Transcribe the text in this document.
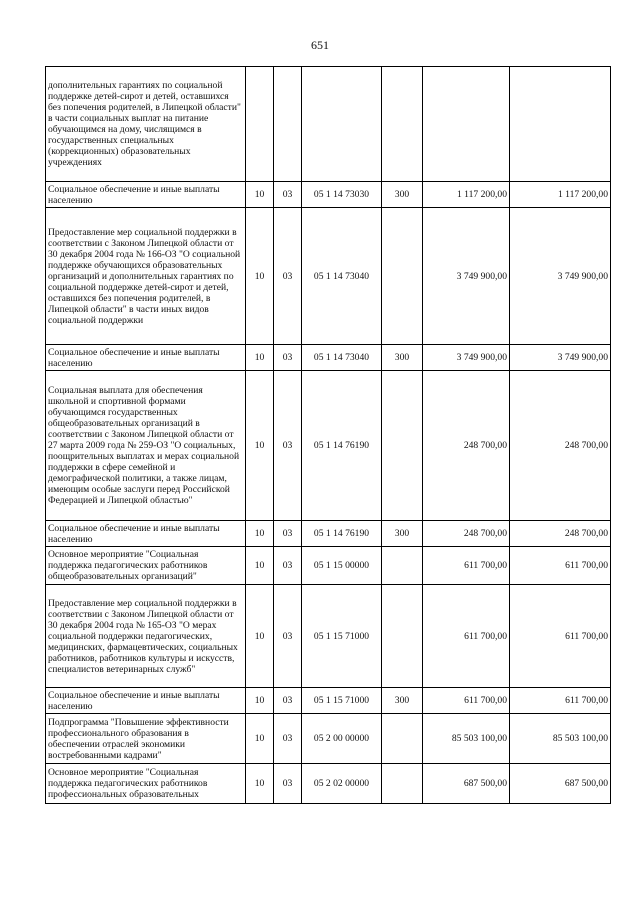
651
дополнительных гарантиях по социальной поддержке детей-сирот и детей, оставшихся без попечения родителей, в Липецкой области" в части социальных выплат на питание обучающимся на дому, числящимся в государственных специальных (коррекционных) образовательных учреждениях						
Социальное обеспечение и иные выплаты населению	10	03	05 1 14 73030	300	1 117 200,00	1 117 200,00
Предоставление мер социальной поддержки в соответствии с Законом Липецкой области от 30 декабря 2004 года № 166-ОЗ "О социальной поддержке обучающихся образовательных организаций и дополнительных гарантиях по социальной поддержке детей-сирот и детей, оставшихся без попечения родителей, в Липецкой области" в части иных видов социальной поддержки	10	03	05 1 14 73040		3 749 900,00	3 749 900,00
Социальное обеспечение и иные выплаты населению	10	03	05 1 14 73040	300	3 749 900,00	3 749 900,00
Социальная выплата для обеспечения школьной и спортивной формами обучающимся государственных общеобразовательных организаций в соответствии с Законом Липецкой области от 27 марта 2009 года № 259-ОЗ "О социальных, поощрительных выплатах и мерах социальной поддержки в сфере семейной и демографической политики, а также лицам, имеющим особые заслуги перед Российской Федерацией и Липецкой областью"	10	03	05 1 14 76190		248 700,00	248 700,00
Социальное обеспечение и иные выплаты населению	10	03	05 1 14 76190	300	248 700,00	248 700,00
Основное мероприятие "Социальная поддержка педагогических работников общеобразовательных организаций"	10	03	05 1 15 00000		611 700,00	611 700,00
Предоставление мер социальной поддержки в соответствии с Законом Липецкой области от 30 декабря 2004 года № 165-ОЗ "О мерах социальной поддержки педагогических, медицинских, фармацевтических, социальных работников, работников культуры и искусств, специалистов ветеринарных служб"	10	03	05 1 15 71000		611 700,00	611 700,00
Социальное обеспечение и иные выплаты населению	10	03	05 1 15 71000	300	611 700,00	611 700,00
Подпрограмма "Повышение эффективности профессионального образования в обеспечении отраслей экономики востребованными кадрами"	10	03	05 2 00 00000		85 503 100,00	85 503 100,00
Основное мероприятие "Социальная поддержка педагогических работников профессиональных образовательных	10	03	05 2 02 00000		687 500,00	687 500,00
